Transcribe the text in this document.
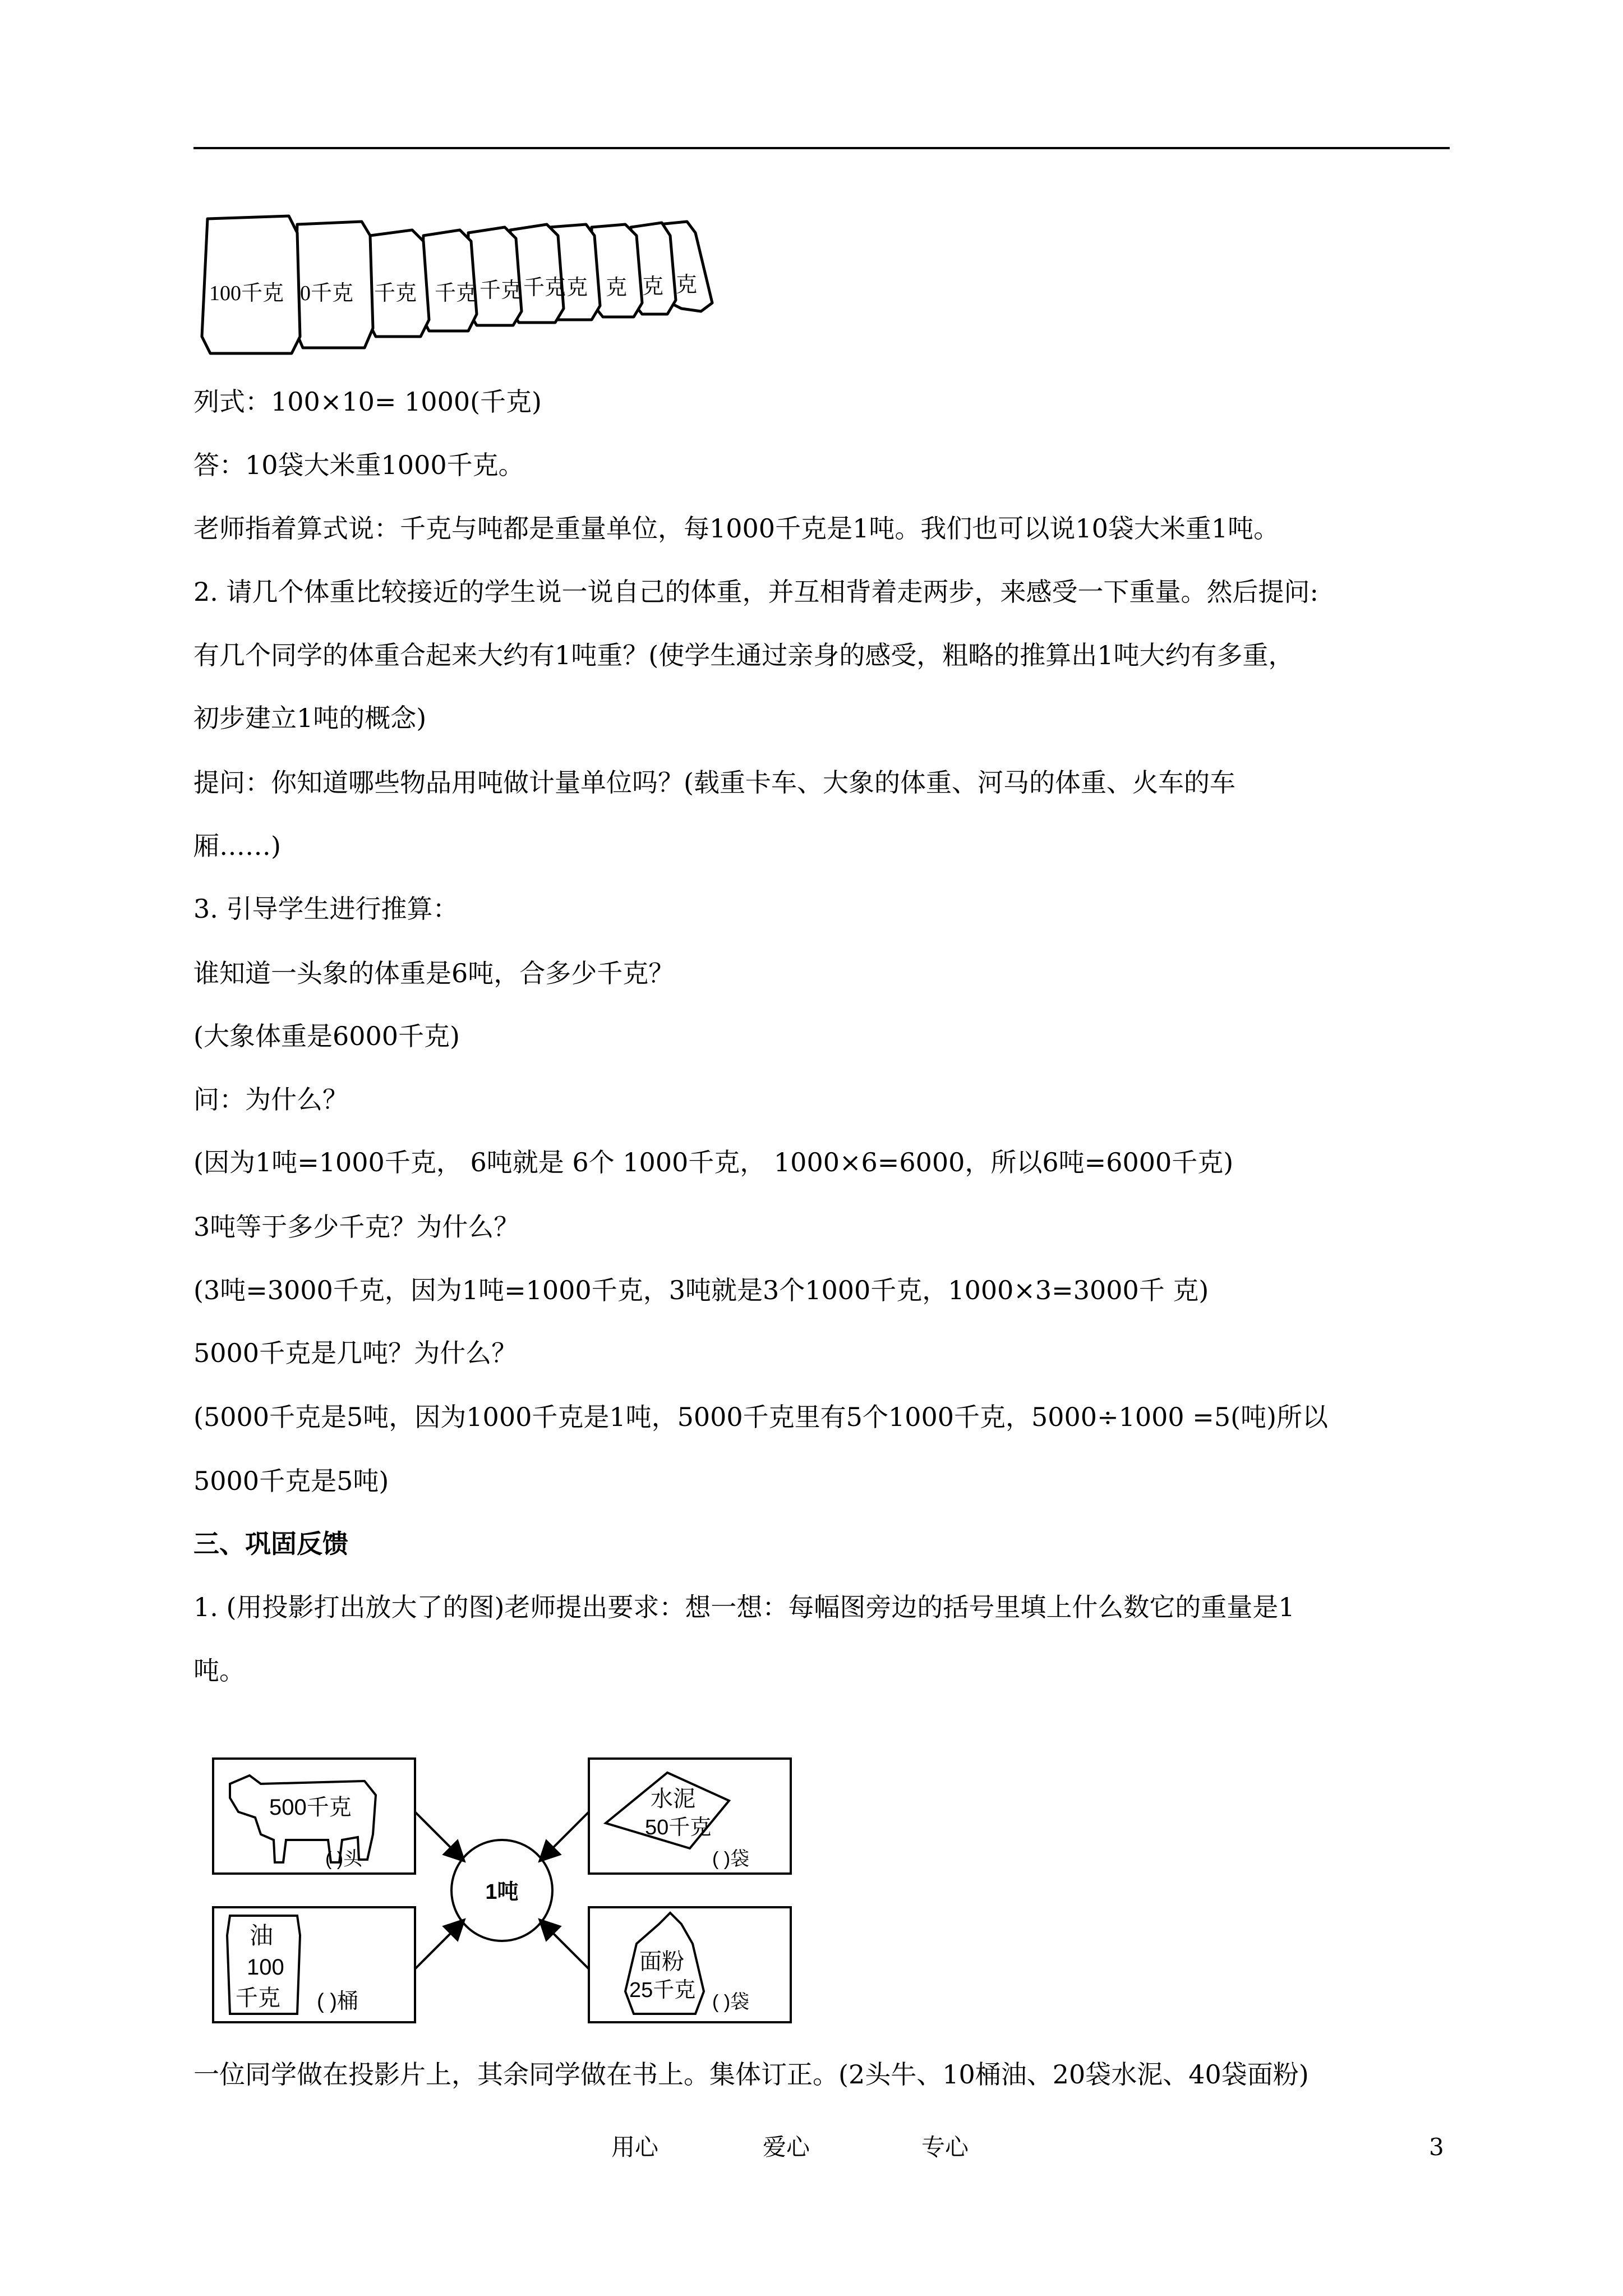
100千克 0千克 千克 千克 千克 千克 克 克 克 克
列式：100×10= 1000(千克)
答：10袋大米重1000千克。
老师指着算式说：千克与吨都是重量单位，每1000千克是1吨。我们也可以说10袋大米重1吨。
2. 请几个体重比较接近的学生说一说自己的体重，并互相背着走两步，来感受一下重量。然后提问:
有几个同学的体重合起来大约有1吨重？(使学生通过亲身的感受，粗略的推算出1吨大约有多重，
初步建立1吨的概念)
提问：你知道哪些物品用吨做计量单位吗？(载重卡车、大象的体重、河马的体重、火车的车
厢……)
3. 引导学生进行推算：
谁知道一头象的体重是6吨，合多少千克？
(大象体重是6000千克)
问：为什么？
(因为1吨=1000千克， 6吨就是 6个 1000千克， 1000×6=6000，所以6吨=6000千克)
3吨等于多少千克？为什么？
(3吨=3000千克，因为1吨=1000千克，3吨就是3个1000千克，1000×3=3000千 克)
5000千克是几吨？为什么？
(5000千克是5吨，因为1000千克是1吨，5000千克里有5个1000千克，5000÷1000 =5(吨)所以
5000千克是5吨)
三、巩固反馈
1. (用投影打出放大了的图)老师提出要求：想一想：每幅图旁边的括号里填上什么数它的重量是1
吨。
1吨
500千克
( )头
水泥
50千克
( )袋
油
100
千克 ( )桶
面粉
25千克 ( )袋
一位同学做在投影片上，其余同学做在书上。集体订正。(2头牛、10桶油、20袋水泥、40袋面粉)
用心	爱心	专心	3
